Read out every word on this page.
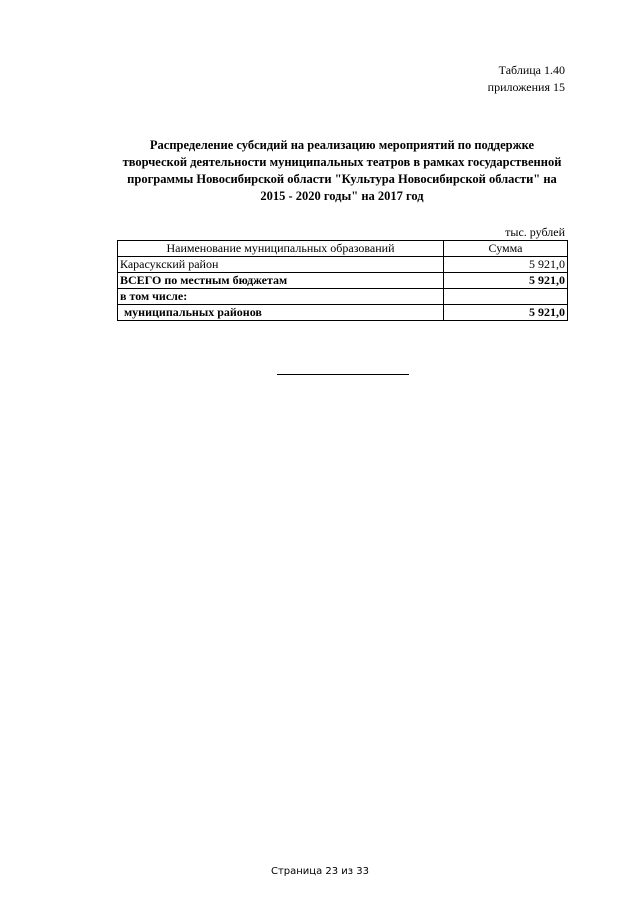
Таблица 1.40
приложения 15
Распределение субсидий на реализацию мероприятий по поддержке творческой деятельности муниципальных театров в рамках государственной программы Новосибирской области "Культура Новосибирской области" на 2015 - 2020 годы" на 2017 год
тыс. рублей
Наименование муниципальных образований	Сумма
Карасукский район	5 921,0
ВСЕГО по местным бюджетам	5 921,0
в том числе:	
муниципальных районов	5 921,0
Страница 23 из 33
